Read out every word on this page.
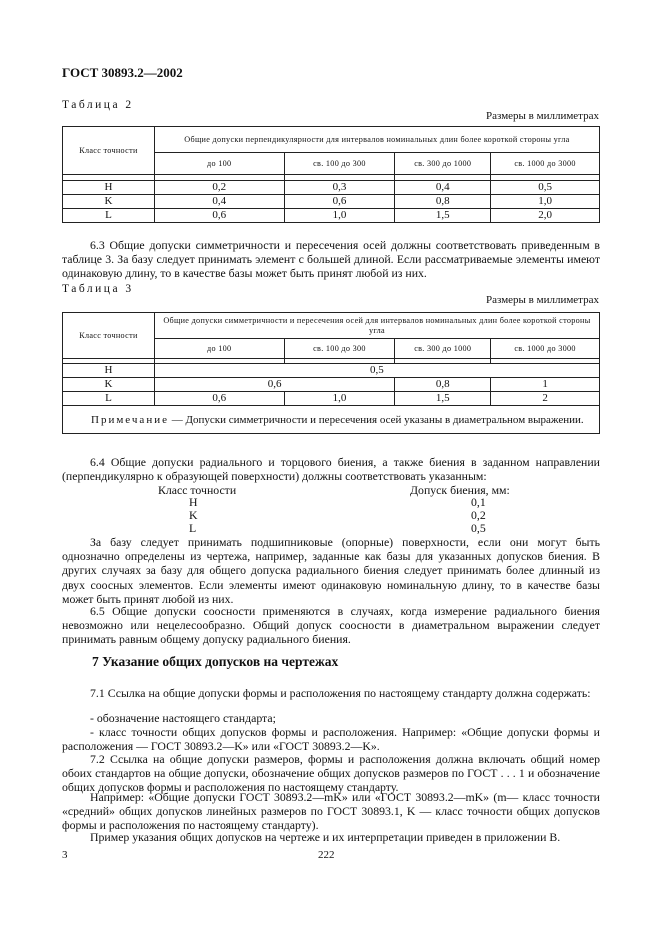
ГОСТ 30893.2—2002
Таблица 2
Размеры в миллиметрах
Класс точности	Общие допуски перпендикулярности для интервалов номинальных длин более короткой стороны угла			
	до 100	св. 100 до 300	св. 300 до 1000	св. 1000 до 3000

H	0,2	0,3	0,4	0,5
K	0,4	0,6	0,8	1,0
L	0,6	1,0	1,5	2,0
6.3 Общие допуски симметричности и пересечения осей должны соответствовать приведенным в таблице 3. За базу следует принимать элемент с большей длиной. Если рассматриваемые элементы имеют одинаковую длину, то в качестве базы может быть принят любой из них.
Таблица 3
Размеры в миллиметрах
Класс точности	Общие допуски симметричности и пересечения осей для интервалов номинальных длин более короткой стороны угла			
	до 100	св. 100 до 300	св. 300 до 1000	св. 1000 до 3000

H	0,5			
K	0,6		0,8	1
L	0,6	1,0	1,5	2
Примечание — Допуски симметричности и пересечения осей указаны в диаметральном выражении.				
6.4 Общие допуски радиального и торцового биения, а также биения в заданном направлении (перпендикулярно к образующей поверхности) должны соответствовать указанным:
Класс точности	Допуск биения, мм:
H	0,1
K	0,2
L	0,5
За базу следует принимать подшипниковые (опорные) поверхности, если они могут быть однозначно определены из чертежа, например, заданные как базы для указанных допусков биения. В других случаях за базу для общего допуска радиального биения следует принимать более длинный из двух соосных элементов. Если элементы имеют одинаковую номинальную длину, то в качестве базы может быть принят любой из них.
6.5 Общие допуски соосности применяются в случаях, когда измерение радиального биения невозможно или нецелесообразно. Общий допуск соосности в диаметральном выражении следует принимать равным общему допуску радиального биения.
7 Указание общих допусков на чертежах
7.1 Ссылка на общие допуски формы и расположения по настоящему стандарту должна содержать:
- обозначение настоящего стандарта;
- класс точности общих допусков формы и расположения. Например: «Общие допуски формы и расположения — ГОСТ 30893.2—K» или «ГОСТ 30893.2—K».
7.2 Ссылка на общие допуски размеров, формы и расположения должна включать общий номер обоих стандартов на общие допуски, обозначение общих допусков размеров по ГОСТ . . . 1 и обозначение общих допусков формы и расположения по настоящему стандарту.
Например: «Общие допуски ГОСТ 30893.2—mK» или «ГОСТ 30893.2—mK» (m— класс точности «средний» общих допусков линейных размеров по ГОСТ 30893.1, K — класс точности общих допусков формы и расположения по настоящему стандарту).
Пример указания общих допусков на чертеже и их интерпретации приведен в приложении В.
3	222
